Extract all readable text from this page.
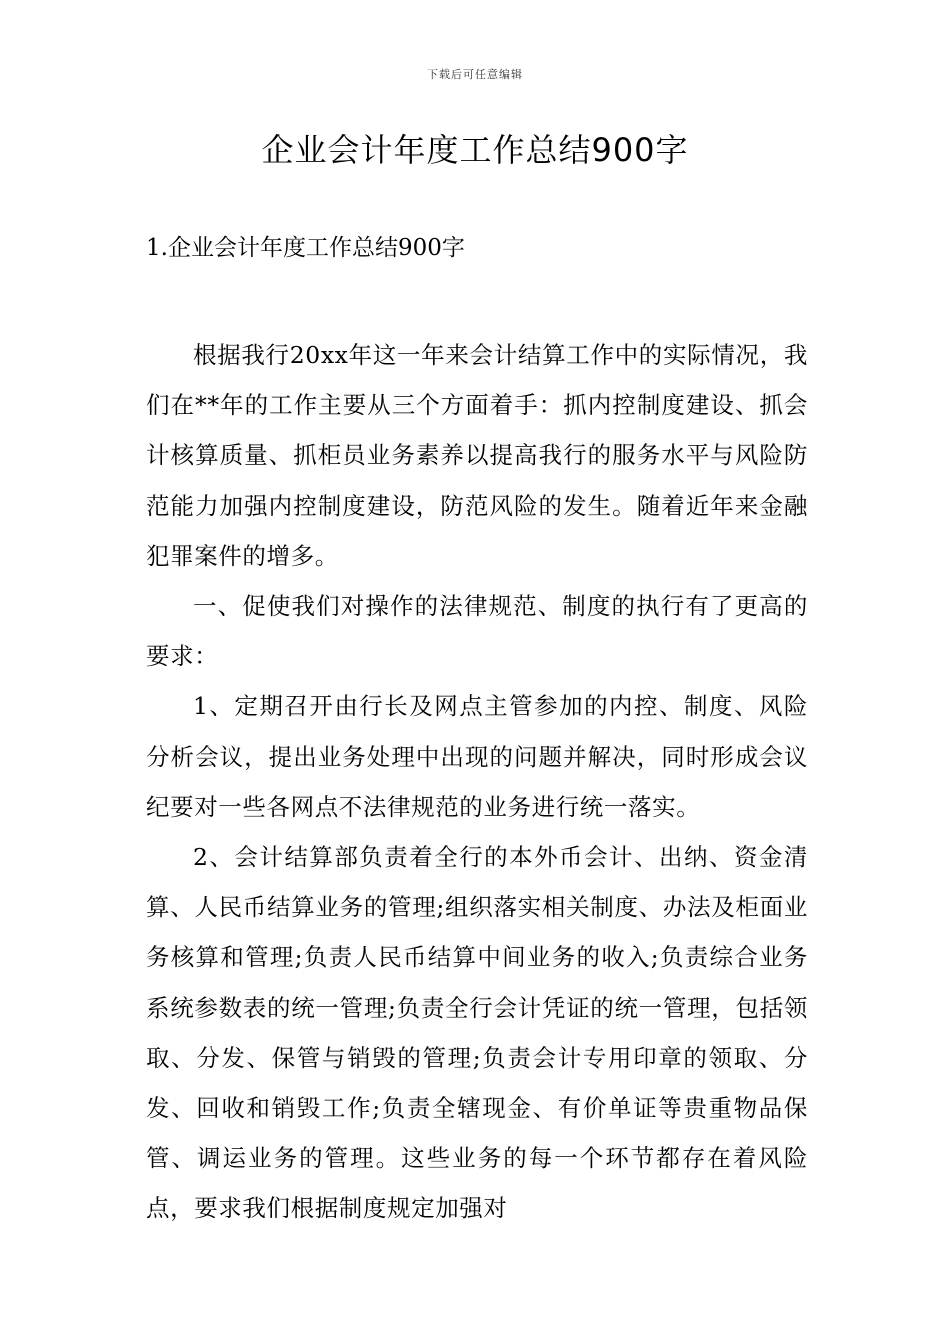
下载后可任意编辑
企业会计年度工作总结900字

1.企业会计年度工作总结900字

根据我行20xx年这一年来会计结算工作中的实际情况，我们在**年的工作主要从三个方面着手：抓内控制度建设、抓会计核算质量、抓柜员业务素养以提高我行的服务水平与风险防范能力加强内控制度建设，防范风险的发生。随着近年来金融犯罪案件的增多。

一、促使我们对操作的法律规范、制度的执行有了更高的要求：

1、定期召开由行长及网点主管参加的内控、制度、风险分析会议，提出业务处理中出现的问题并解决，同时形成会议纪要对一些各网点不法律规范的业务进行统一落实。

2、会计结算部负责着全行的本外币会计、出纳、资金清算、人民币结算业务的管理;组织落实相关制度、办法及柜面业务核算和管理;负责人民币结算中间业务的收入;负责综合业务系统参数表的统一管理;负责全行会计凭证的统一管理，包括领取、分发、保管与销毁的管理;负责会计专用印章的领取、分发、回收和销毁工作;负责全辖现金、有价单证等贵重物品保管、调运业务的管理。这些业务的每一个环节都存在着风险点，要求我们根据制度规定加强对
